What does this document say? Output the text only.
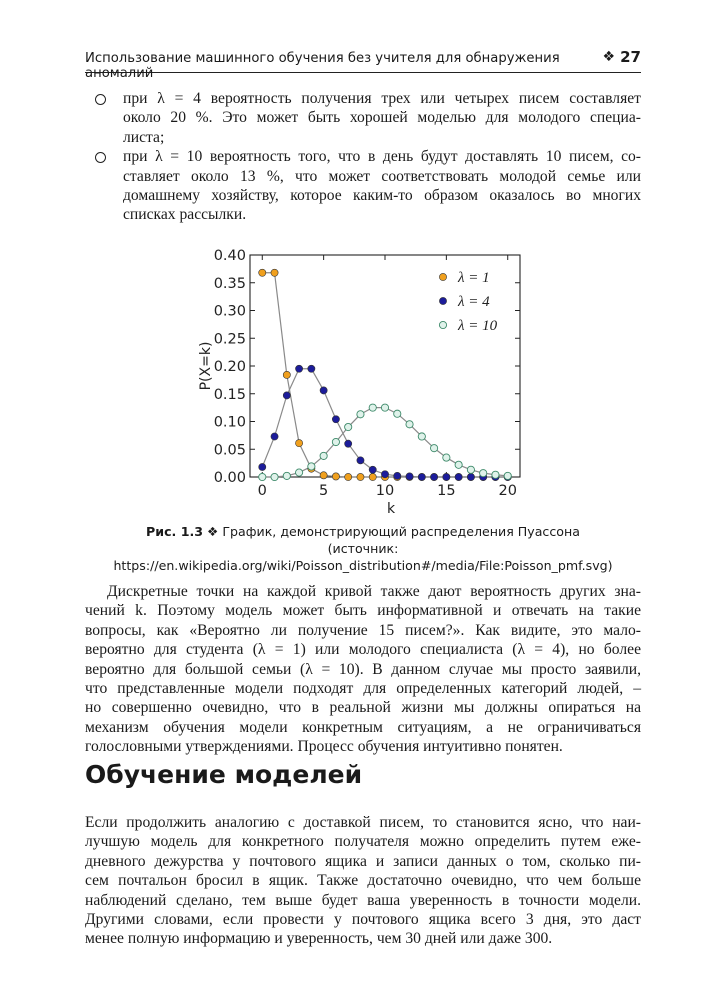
Использование машинного обучения без учителя для обнаружения аномалий
❖ 27
при λ = 4 вероятность получения трех или четырех писем составляет
около 20 %. Это может быть хорошей моделью для молодого специа-
листа;
при λ = 10 вероятность того, что в день будут доставлять 10 писем, со-
ставляет около 13 %, что может соответствовать молодой семье или
домашнему хозяйству, которое каким-то образом оказалось во многих
списках рассылки.
0.00
0.05
0.10
0.15
0.20
0.25
0.30
0.35
0.40
0	5	10	15	20
λ = 1
λ = 4
λ = 10
P(X=k)
k
Рис. 1.3 ❖ График, демонстрирующий распределения Пуассона
(источник: https://en.wikipedia.org/wiki/Poisson_distribution#/media/File:Poisson_pmf.svg)
Дискретные точки на каждой кривой также дают вероятность других зна-
чений k. Поэтому модель может быть информативной и отвечать на такие
вопросы, как «Вероятно ли получение 15 писем?». Как видите, это мало-
вероятно для студента (λ = 1) или молодого специалиста (λ = 4), но более
вероятно для большой семьи (λ = 10). В данном случае мы просто заявили,
что представленные модели подходят для определенных категорий людей, –
но совершенно очевидно, что в реальной жизни мы должны опираться на
механизм обучения модели конкретным ситуациям, а не ограничиваться
голословными утверждениями. Процесс обучения интуитивно понятен.
Обучение моделей
Если продолжить аналогию с доставкой писем, то становится ясно, что наи-
лучшую модель для конкретного получателя можно определить путем еже-
дневного дежурства у почтового ящика и записи данных о том, сколько пи-
сем почтальон бросил в ящик. Также достаточно очевидно, что чем больше
наблюдений сделано, тем выше будет ваша уверенность в точности модели.
Другими словами, если провести у почтового ящика всего 3 дня, это даст
менее полную информацию и уверенность, чем 30 дней или даже 300.
